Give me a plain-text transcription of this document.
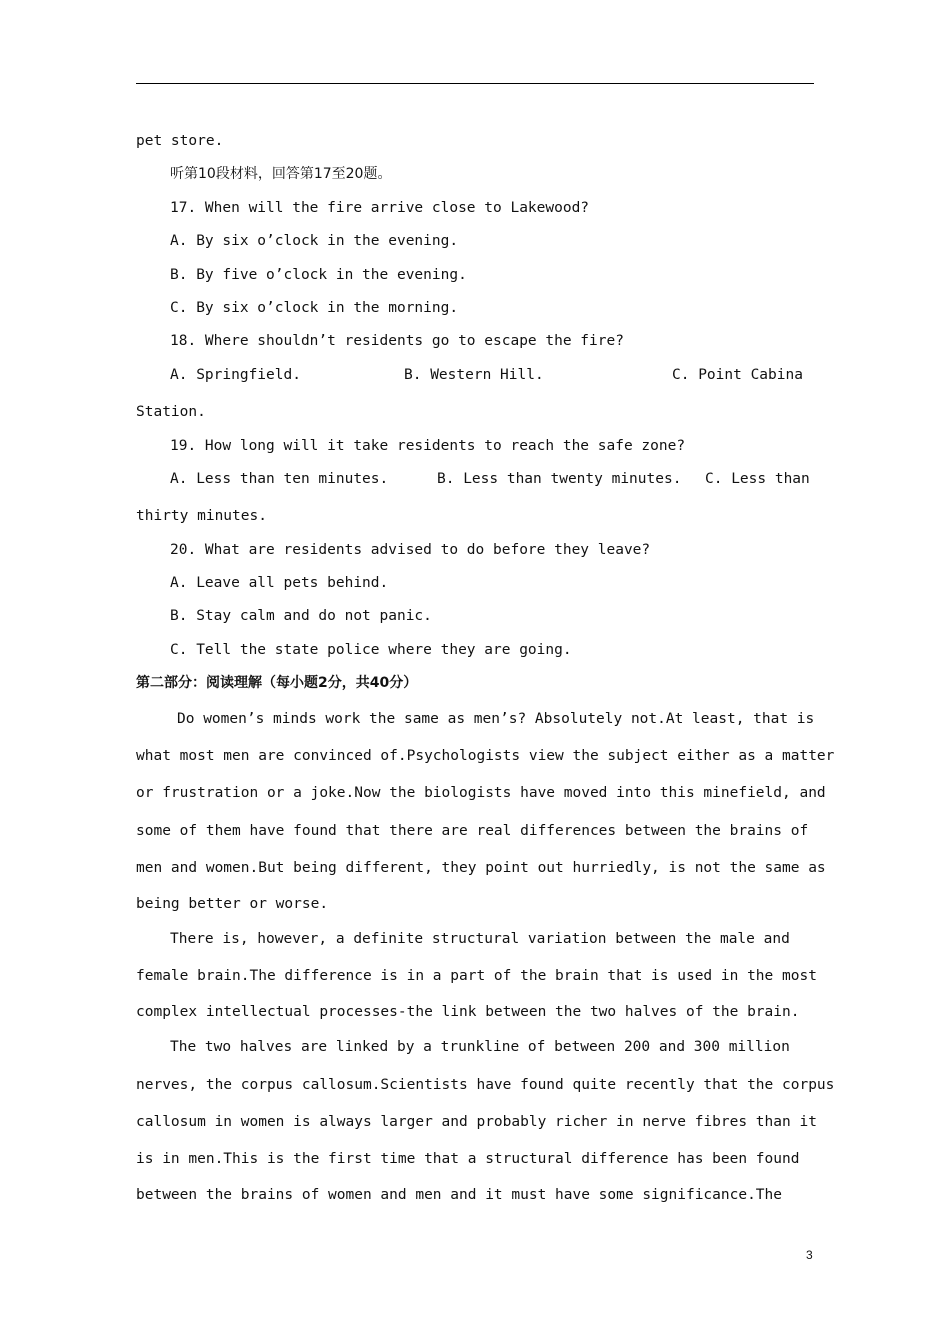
pet store.
听第10段材料，回答第17至20题。
17. When will the fire arrive close to Lakewood?
A. By six o’clock in the evening.
B. By five o’clock in the evening.
C. By six o’clock in the morning.
18. Where shouldn’t residents go to escape the fire?
A. Springfield.	B. Western Hill.	C. Point Cabina
Station.
19. How long will it take residents to reach the safe zone?
A. Less than ten minutes.	B. Less than twenty minutes.	C. Less than
thirty minutes.
20. What are residents advised to do before they leave?
A. Leave all pets behind.
B. Stay calm and do not panic.
C. Tell the state police where they are going.
第二部分：阅读理解（每小题2分，共40分）
Do women’s minds work the same as men’s? Absolutely not.At least, that is
what most men are convinced of.Psychologists view the subject either as a matter
or frustration or a joke.Now the biologists have moved into this minefield, and
some of them have found that there are real differences between the brains of
men and women.But being different, they point out hurriedly, is not the same as
being better or worse.
There is, however, a definite structural variation between the male and
female brain.The difference is in a part of the brain that is used in the most
complex intellectual processes-the link between the two halves of the brain.
The two halves are linked by a trunkline of between 200 and 300 million
nerves, the corpus callosum.Scientists have found quite recently that the corpus
callosum in women is always larger and probably richer in nerve fibres than it
is in men.This is the first time that a structural difference has been found
between the brains of women and men and it must have some significance.The
3
